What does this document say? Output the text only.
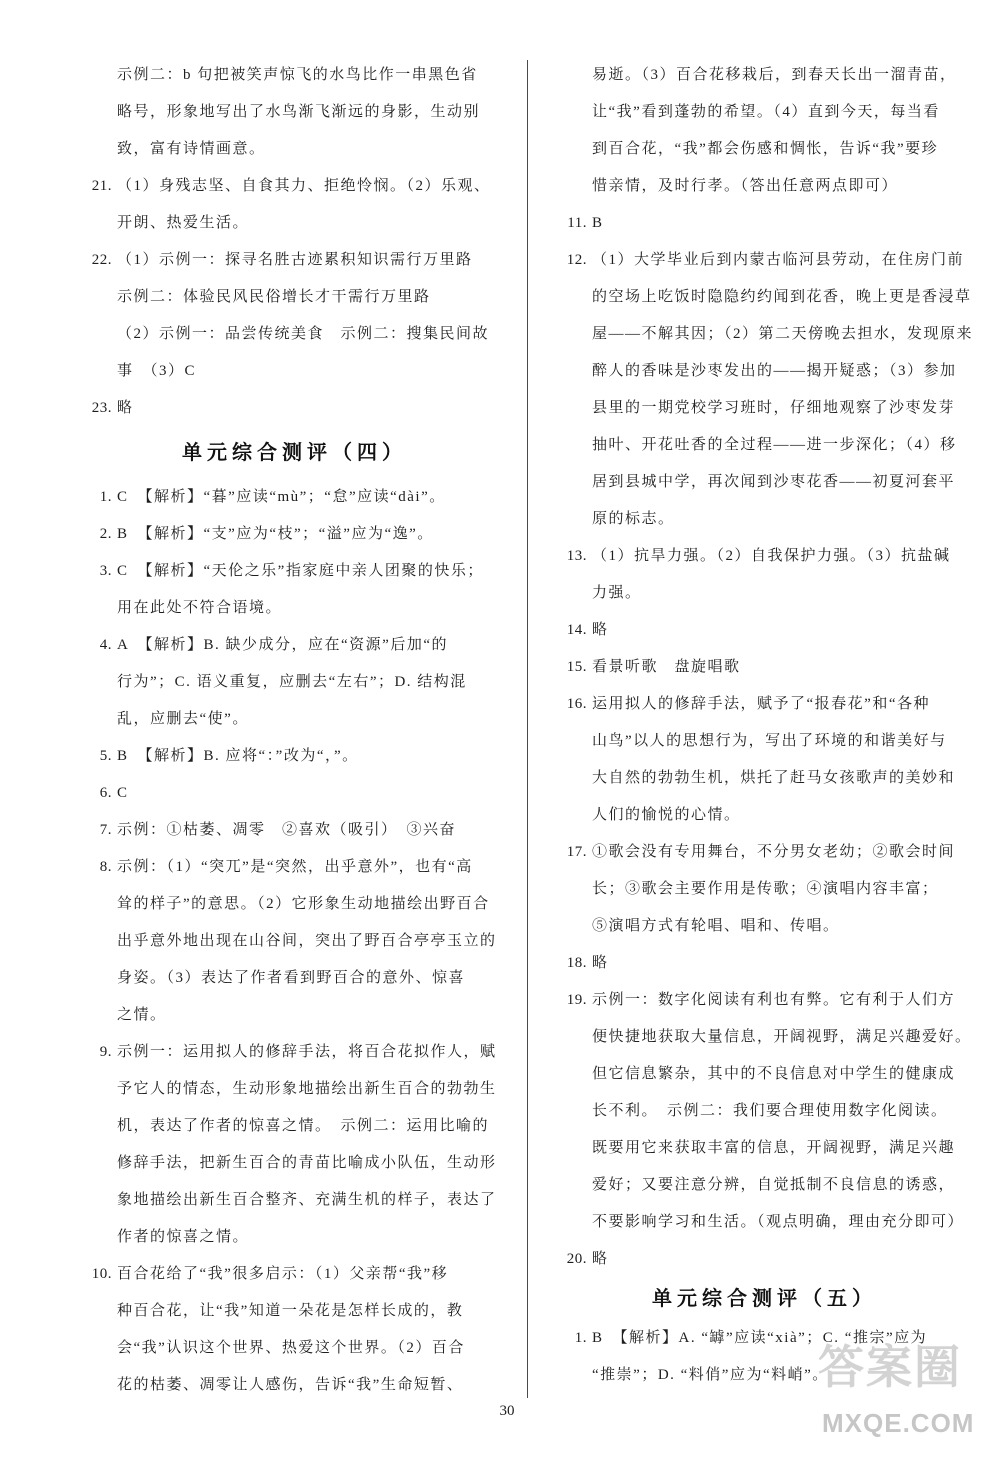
示例二：b 句把被笑声惊飞的水鸟比作一串黑色省
略号，形象地写出了水鸟渐飞渐远的身影，生动别
致，富有诗情画意。
21. （1）身残志坚、自食其力、拒绝怜悯。（2）乐观、
开朗、热爱生活。
22. （1）示例一：探寻名胜古迹累积知识需行万里路
示例二：体验民风民俗增长才干需行万里路
（2）示例一：品尝传统美食　示例二：搜集民间故
事　（3）C
23. 略
单元综合测评（四）
1. C　【解析】“暮”应读“mù”；“怠”应读“dài”。
2. B　【解析】“支”应为“枝”；“溢”应为“逸”。
3. C　【解析】“天伦之乐”指家庭中亲人团聚的快乐；
用在此处不符合语境。
4. A　【解析】B. 缺少成分，应在“资源”后加“的
行为”；C. 语义重复，应删去“左右”；D. 结构混
乱，应删去“使”。
5. B　【解析】B. 应将“：”改为“，”。
6. C
7. 示例：①枯萎、凋零　②喜欢（吸引）　③兴奋
8. 示例：（1）“突兀”是“突然，出乎意外”，也有“高
耸的样子”的意思。（2）它形象生动地描绘出野百合
出乎意外地出现在山谷间，突出了野百合亭亭玉立的
身姿。（3）表达了作者看到野百合的意外、惊喜
之情。
9. 示例一：运用拟人的修辞手法，将百合花拟作人，赋
予它人的情态，生动形象地描绘出新生百合的勃勃生
机，表达了作者的惊喜之情。　示例二：运用比喻的
修辞手法，把新生百合的青苗比喻成小队伍，生动形
象地描绘出新生百合整齐、充满生机的样子，表达了
作者的惊喜之情。
10. 百合花给了“我”很多启示：（1）父亲帮“我”移
种百合花，让“我”知道一朵花是怎样长成的，教
会“我”认识这个世界、热爱这个世界。（2）百合
花的枯萎、凋零让人感伤，告诉“我”生命短暂、
易逝。（3）百合花移栽后，到春天长出一溜青苗，
让“我”看到蓬勃的希望。（4）直到今天，每当看
到百合花，“我”都会伤感和惆怅，告诉“我”要珍
惜亲情，及时行孝。（答出任意两点即可）
11. B
12. （1）大学毕业后到内蒙古临河县劳动，在住房门前
的空场上吃饭时隐隐约约闻到花香，晚上更是香浸草
屋——不解其因；（2）第二天傍晚去担水，发现原来
醉人的香味是沙枣发出的——揭开疑惑；（3）参加
县里的一期党校学习班时，仔细地观察了沙枣发芽
抽叶、开花吐香的全过程——进一步深化；（4）移
居到县城中学，再次闻到沙枣花香——初夏河套平
原的标志。
13. （1）抗旱力强。（2）自我保护力强。（3）抗盐碱
力强。
14. 略
15. 看景听歌　盘旋唱歌
16. 运用拟人的修辞手法，赋予了“报春花”和“各种
山鸟”以人的思想行为，写出了环境的和谐美好与
大自然的勃勃生机，烘托了赶马女孩歌声的美妙和
人们的愉悦的心情。
17. ①歌会没有专用舞台，不分男女老幼；②歌会时间
长；③歌会主要作用是传歌；④演唱内容丰富；
⑤演唱方式有轮唱、唱和、传唱。
18. 略
19. 示例一：数字化阅读有利也有弊。它有利于人们方
便快捷地获取大量信息，开阔视野，满足兴趣爱好。
但它信息繁杂，其中的不良信息对中学生的健康成
长不利。　示例二：我们要合理使用数字化阅读。
既要用它来获取丰富的信息，开阔视野，满足兴趣
爱好；又要注意分辨，自觉抵制不良信息的诱惑，
不要影响学习和生活。（观点明确，理由充分即可）
20. 略
单元综合测评（五）
1. B　【解析】A. “罅”应读“xià”；C. “推宗”应为
“推崇”；D. “料俏”应为“料峭”。
30
答案圈
MXQE.COM
